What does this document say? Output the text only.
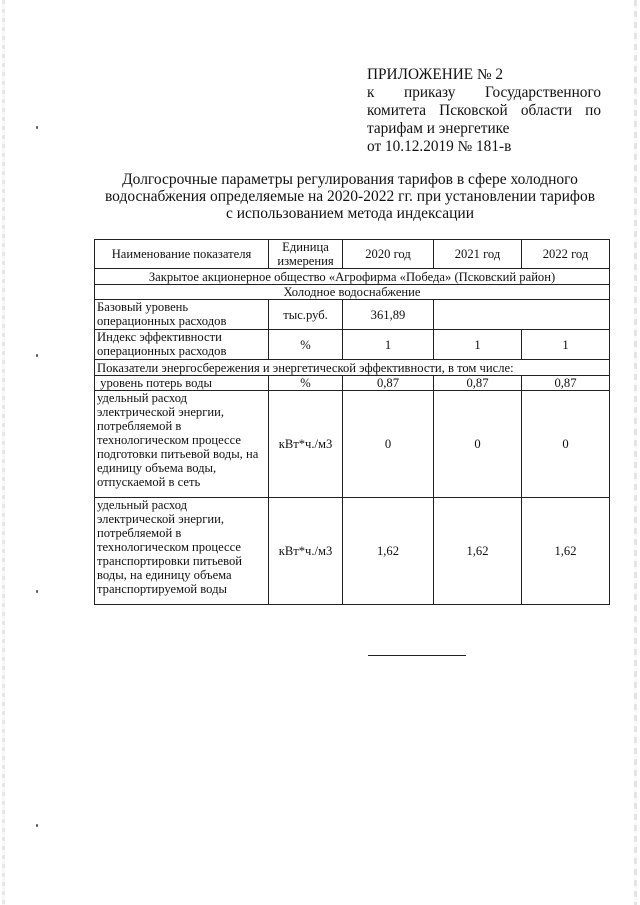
ПРИЛОЖЕНИЕ № 2
к приказу Государственного
комитета Псковской области по
тарифам и энергетике
от 10.12.2019 № 181-в
Долгосрочные параметры регулирования тарифов в сфере холодного
водоснабжения определяемые на 2020-2022 гг. при установлении тарифов
с использованием метода индексации
Наименование показателя	Единица измерения	2020 год	2021 год	2022 год
Закрытое акционерное общество «Агрофирма «Победа» (Псковский район)				
Холодное водоснабжение				
Базовый уровень операционных расходов	тыс.руб.	361,89		
Индекс эффективности операционных расходов	%	1	1	1
Показатели энергосбережения и энергетической эффективности, в том числе:				
уровень потерь воды	%	0,87	0,87	0,87
удельный расход электрической энергии, потребляемой в технологическом процессе подготовки питьевой воды, на единицу объема воды, отпускаемой в сеть	кВт*ч./м3	0	0	0
удельный расход электрической энергии, потребляемой в технологическом процессе транспортировки питьевой воды, на единицу объема транспортируемой воды	кВт*ч./м3	1,62	1,62	1,62
